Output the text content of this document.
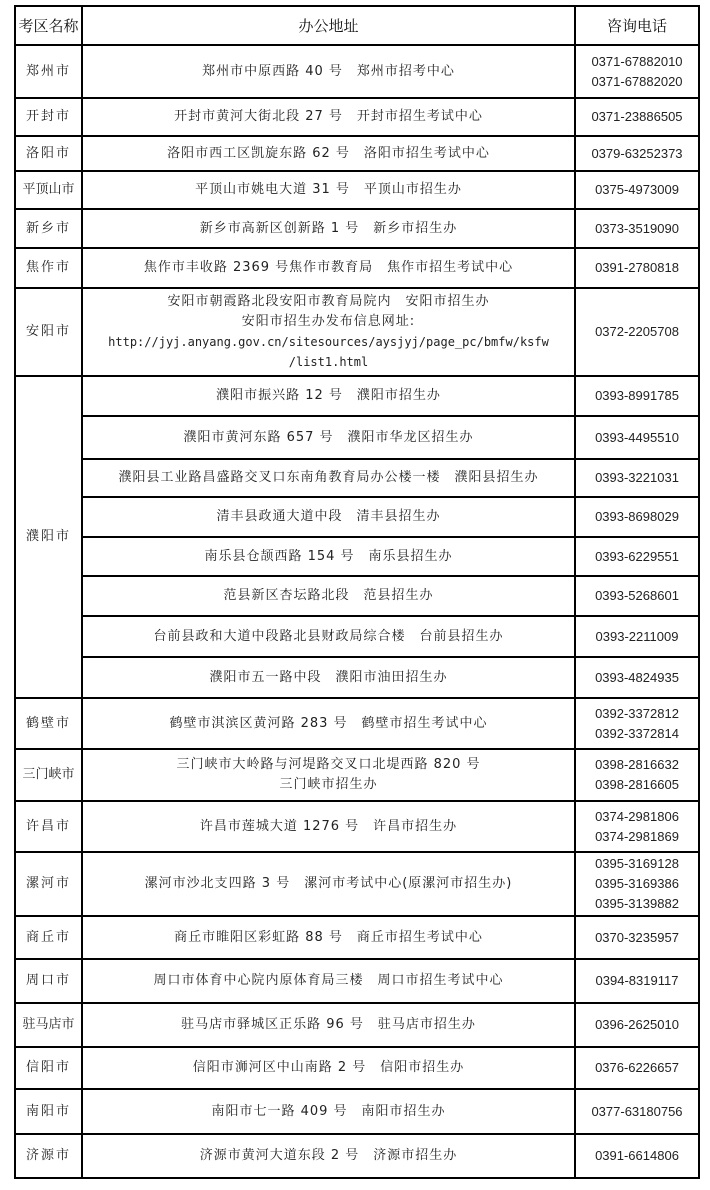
考区名称	办公地址	咨询电话
郑州市	郑州市中原西路 40 号　郑州市招考中心	0371-67882010
0371-67882020

开封市	开封市黄河大街北段 27 号　开封市招生考试中心	0371-23886505

洛阳市	洛阳市西工区凯旋东路 62 号　洛阳市招生考试中心	0379-63252373

平顶山市	平顶山市姚电大道 31 号　平顶山市招生办	0375-4973009

新乡市	新乡市高新区创新路 1 号　新乡市招生办	0373-3519090

焦作市	焦作市丰收路 2369 号焦作市教育局　焦作市招生考试中心	0391-2780818

安阳市	安阳市朝霞路北段安阳市教育局院内　安阳市招生办
安阳市招生办发布信息网址:
http://jyj.anyang.gov.cn/sitesources/aysjyj/page_pc/bmfw/ksfw
/list1.html	0372-2205708

濮阳市	濮阳市振兴路 12 号　濮阳市招生办	0393-8991785

	濮阳市黄河东路 657 号　濮阳市华龙区招生办	0393-4495510

	濮阳县工业路昌盛路交叉口东南角教育局办公楼一楼　濮阳县招生办	0393-3221031

	清丰县政通大道中段　清丰县招生办	0393-8698029

	南乐县仓颉西路 154 号　南乐县招生办	0393-6229551

	范县新区杏坛路北段　范县招生办	0393-5268601

	台前县政和大道中段路北县财政局综合楼　台前县招生办	0393-2211009

	濮阳市五一路中段　濮阳市油田招生办	0393-4824935

鹤壁市	鹤壁市淇滨区黄河路 283 号　鹤壁市招生考试中心	0392-3372812
0392-3372814

三门峡市	三门峡市大岭路与河堤路交叉口北堤西路 820 号
三门峡市招生办	0398-2816632
0398-2816605

许昌市	许昌市莲城大道 1276 号　许昌市招生办	0374-2981806
0374-2981869

漯河市	漯河市沙北支四路 3 号　漯河市考试中心(原漯河市招生办)	0395-3169128
0395-3169386
0395-3139882

商丘市	商丘市睢阳区彩虹路 88 号　商丘市招生考试中心	0370-3235957

周口市	周口市体育中心院内原体育局三楼　周口市招生考试中心	0394-8319117

驻马店市	驻马店市驿城区正乐路 96 号　驻马店市招生办	0396-2625010

信阳市	信阳市浉河区中山南路 2 号　信阳市招生办	0376-6226657

南阳市	南阳市七一路 409 号　南阳市招生办	0377-63180756

济源市	济源市黄河大道东段 2 号　济源市招生办	0391-6614806
